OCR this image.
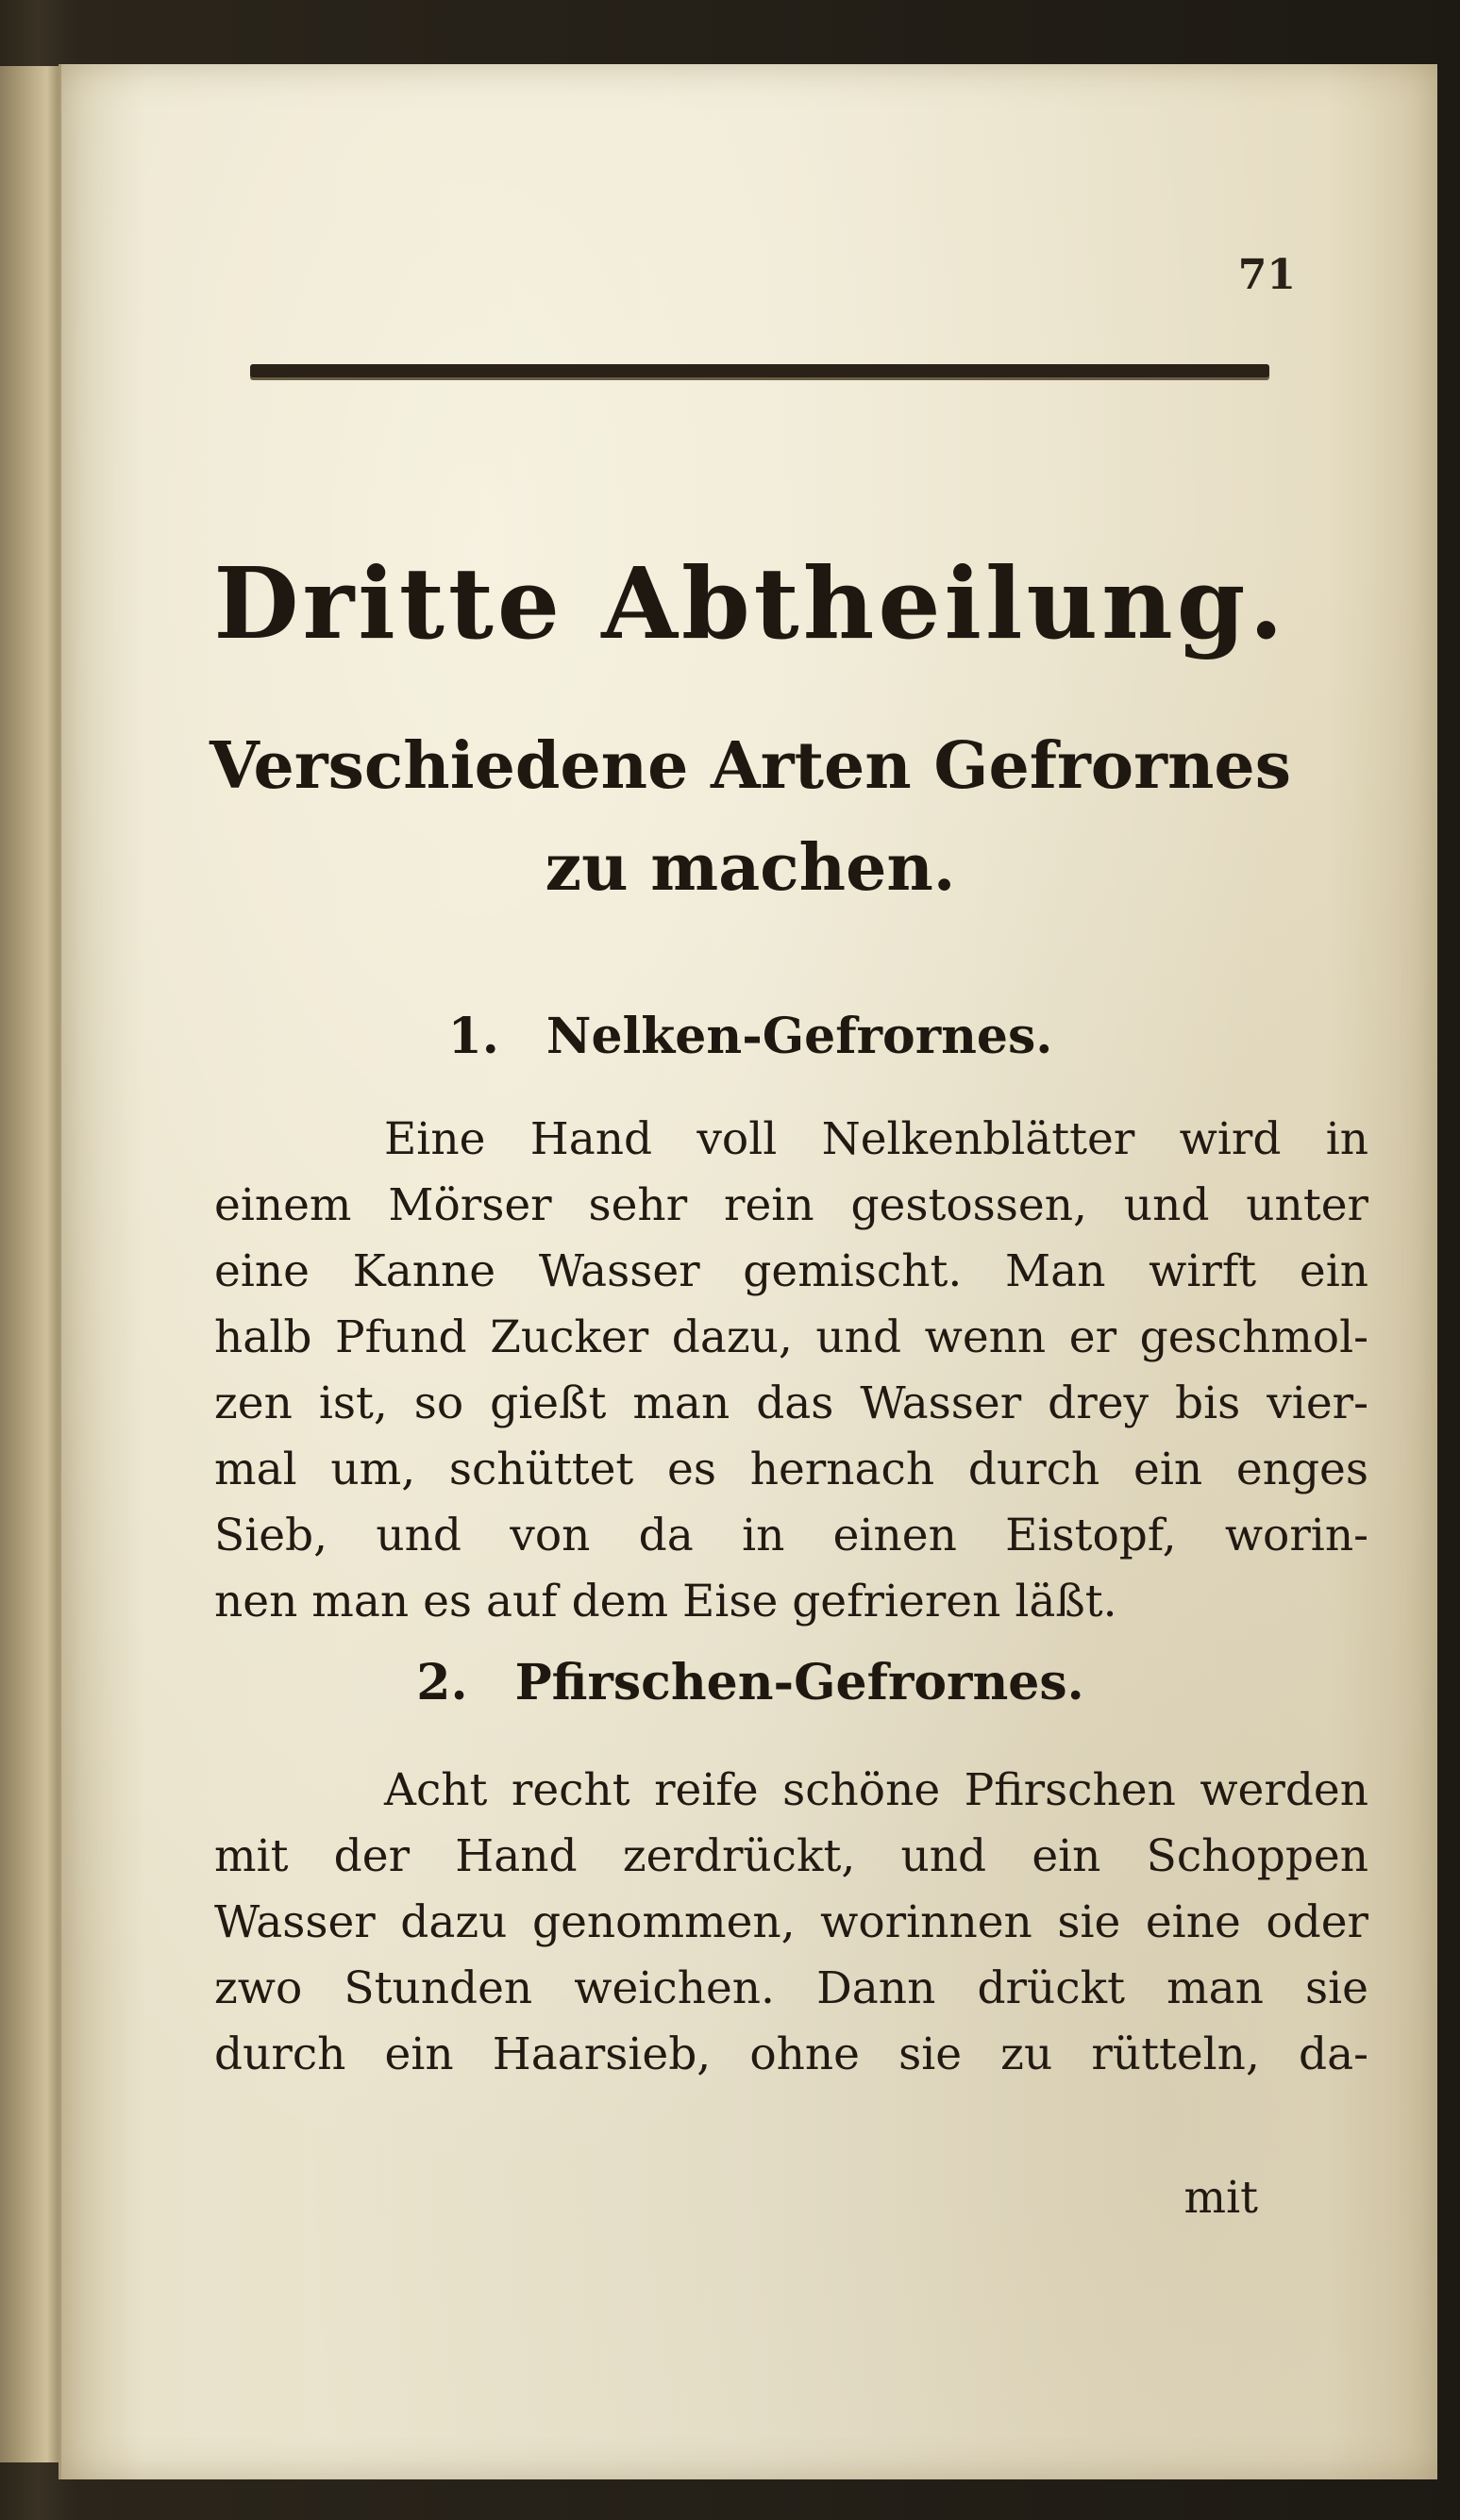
71
Dritte Abtheilung.
Verschiedene Arten Gefrornes
zu machen.
1. Nelken-Gefrornes.
Eine Hand voll Nelkenblätter wird in
einem Mörser sehr rein gestossen, und unter
eine Kanne Wasser gemischt. Man wirft ein
halb Pfund Zucker dazu, und wenn er geschmol-
zen ist, so gießt man das Wasser drey bis vier-
mal um, schüttet es hernach durch ein enges
Sieb, und von da in einen Eistopf, worin-
nen man es auf dem Eise gefrieren läßt.
2. Pfirschen-Gefrornes.
Acht recht reife schöne Pfirschen werden
mit der Hand zerdrückt, und ein Schoppen
Wasser dazu genommen, worinnen sie eine oder
zwo Stunden weichen. Dann drückt man sie
durch ein Haarsieb, ohne sie zu rütteln, da-
mit
